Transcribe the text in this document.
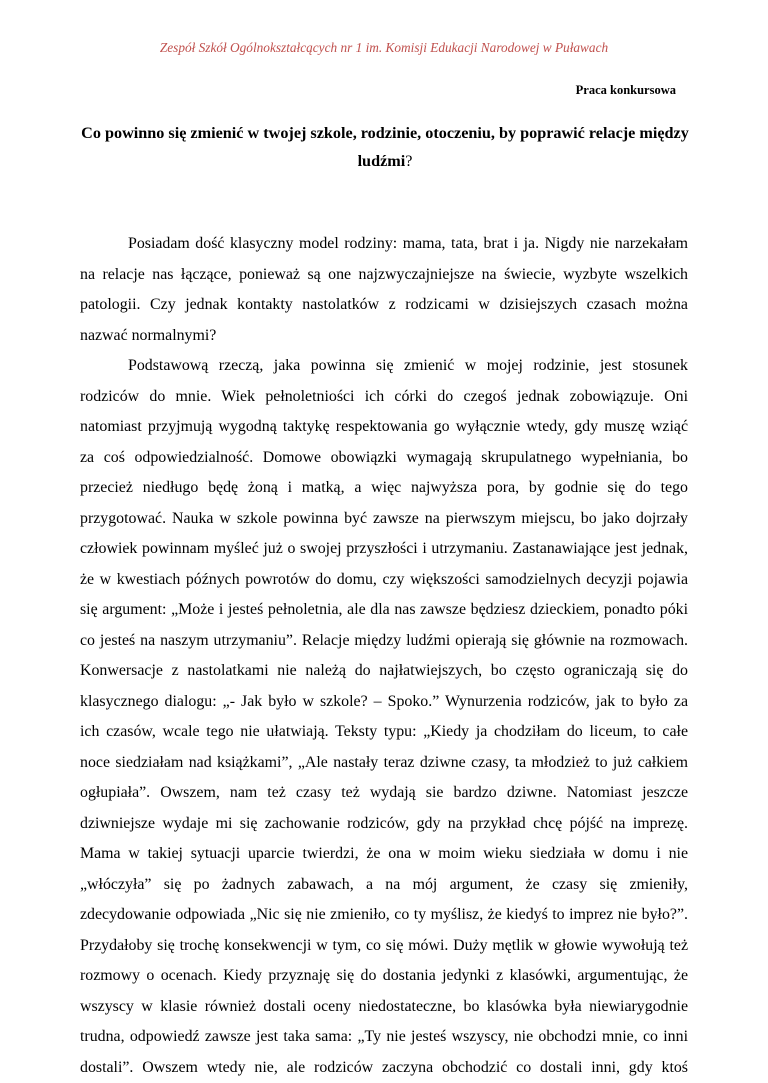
Zespół Szkół Ogólnokształcących nr 1 im. Komisji Edukacji Narodowej w Puławach
Praca konkursowa
Co powinno się zmienić w twojej szkole, rodzinie, otoczeniu, by poprawić relacje między
ludźmi?
Posiadam dość klasyczny model rodziny: mama, tata, brat i ja. Nigdy nie narzekałam
na relacje nas łączące, ponieważ są one najzwyczajniejsze na świecie, wyzbyte wszelkich
patologii. Czy jednak kontakty nastolatków z rodzicami w dzisiejszych czasach można
nazwać normalnymi?
Podstawową rzeczą, jaka powinna się zmienić w mojej rodzinie, jest stosunek
rodziców do mnie. Wiek pełnoletniości ich córki do czegoś jednak zobowiązuje. Oni
natomiast przyjmują wygodną taktykę respektowania go wyłącznie wtedy, gdy muszę wziąć
za coś odpowiedzialność. Domowe obowiązki wymagają skrupulatnego wypełniania, bo
przecież niedługo będę żoną i matką, a więc najwyższa pora, by godnie się do tego
przygotować. Nauka w szkole powinna być zawsze na pierwszym miejscu, bo jako dojrzały
człowiek powinnam myśleć już o swojej przyszłości i utrzymaniu. Zastanawiające jest jednak,
że w kwestiach późnych powrotów do domu, czy większości samodzielnych decyzji pojawia
się argument: „Może i jesteś pełnoletnia, ale dla nas zawsze będziesz dzieckiem, ponadto póki
co jesteś na naszym utrzymaniu”. Relacje między ludźmi opierają się głównie na rozmowach.
Konwersacje z nastolatkami nie należą do najłatwiejszych, bo często ograniczają się do
klasycznego dialogu: „- Jak było w szkole? – Spoko.” Wynurzenia rodziców, jak to było za
ich czasów, wcale tego nie ułatwiają. Teksty typu: „Kiedy ja chodziłam do liceum, to całe
noce siedziałam nad książkami”, „Ale nastały teraz dziwne czasy, ta młodzież to już całkiem
ogłupiała”. Owszem, nam też czasy też wydają sie bardzo dziwne. Natomiast jeszcze
dziwniejsze wydaje mi się zachowanie rodziców, gdy na przykład chcę pójść na imprezę.
Mama w takiej sytuacji uparcie twierdzi, że ona w moim wieku siedziała w domu i nie
„włóczyła” się po żadnych zabawach, a na mój argument, że czasy się zmieniły,
zdecydowanie odpowiada „Nic się nie zmieniło, co ty myślisz, że kiedyś to imprez nie było?”.
Przydałoby się trochę konsekwencji w tym, co się mówi. Duży mętlik w głowie wywołują też
rozmowy o ocenach. Kiedy przyznaję się do dostania jedynki z klasówki, argumentując, że
wszyscy w klasie również dostali oceny niedostateczne, bo klasówka była niewiarygodnie
trudna, odpowiedź zawsze jest taka sama: „Ty nie jesteś wszyscy, nie obchodzi mnie, co inni
dostali”. Owszem wtedy nie, ale rodziców zaczyna obchodzić co dostali inni, gdy ktoś
